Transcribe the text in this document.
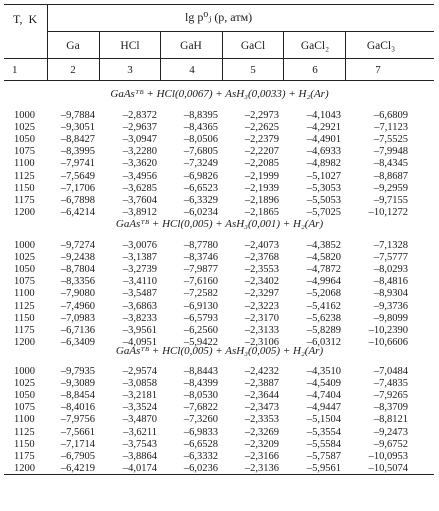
T, K	lg p⁰ⱼ (p, атм)
Ga	HCl	GaH	GaCl	GaCl₂	GaCl₃
1	2	3	4	5	6	7
GaAsᵀᴮ + HCl(0,0067) + AsH₃(0,0033) + H₂(Ar)
1000	–9,7884	–2,8372	–8,8395	–2,2973	–4,1043	–6,6809
1025	–9,3051	–2,9637	–8,4365	–2,2625	–4,2921	–7,1123
1050	–8,8427	–3,0947	–8,0506	–2,2379	–4,4901	–7,5525
1075	–8,3995	–3,2280	–7,6805	–2,2207	–4,6933	–7,9948
1100	–7,9741	–3,3620	–7,3249	–2,2085	–4,8982	–8,4345
1125	–7,5649	–3,4956	–6,9826	–2,1999	–5,1027	–8,8687
1150	–7,1706	–3,6285	–6,6523	–2,1939	–5,3053	–9,2959
1175	–6,7898	–3,7604	–6,3329	–2,1896	–5,5053	–9,7155
1200	–6,4214	–3,8912	–6,0234	–2,1865	–5,7025	–10,1272
GaAsᵀᴮ + HCl(0,005) + AsH₃(0,001) + H₂(Ar)
1000	–9,7274	–3,0076	–8,7780	–2,4073	–4,3852	–7,1328
1025	–9,2438	–3,1387	–8,3746	–2,3768	–4,5820	–7,5777
1050	–8,7804	–3,2739	–7,9877	–2,3553	–4,7872	–8,0293
1075	–8,3356	–3,4110	–7,6160	–2,3402	–4,9964	–8,4816
1100	–7,9080	–3,5487	–7,2582	–2,3297	–5,2068	–8,9304
1125	–7,4960	–3,6863	–6,9130	–2,3223	–5,4162	–9,3736
1150	–7,0983	–3,8233	–6,5793	–2,3170	–5,6238	–9,8099
1175	–6,7136	–3,9561	–6,2560	–2,3133	–5,8289	–10,2390
1200	–6,3409	–4,0951	–5,9422	–2,3106	–6,0312	–10,6606
GaAsᵀᴮ + HCl(0,005) + AsH₃(0,005) + H₂(Ar)
1000	–9,7935	–2,9574	–8,8443	–2,4232	–4,3510	–7,0484
1025	–9,3089	–3,0858	–8,4399	–2,3887	–4,5409	–7,4835
1050	–8,8454	–3,2181	–8,0530	–2,3644	–4,7404	–7,9265
1075	–8,4016	–3,3524	–7,6822	–2,3473	–4,9447	–8,3709
1100	–7,9756	–3,4870	–7,3260	–2,3353	–5,1504	–8,8121
1125	–7,5661	–3,6211	–6,9833	–2,3269	–5,3554	–9,2473
1150	–7,1714	–3,7543	–6,6528	–2,3209	–5,5584	–9,6752
1175	–6,7905	–3,8864	–6,3332	–2,3166	–5,7587	–10,0953
1200	–6,4219	–4,0174	–6,0236	–2,3136	–5,9561	–10,5074
